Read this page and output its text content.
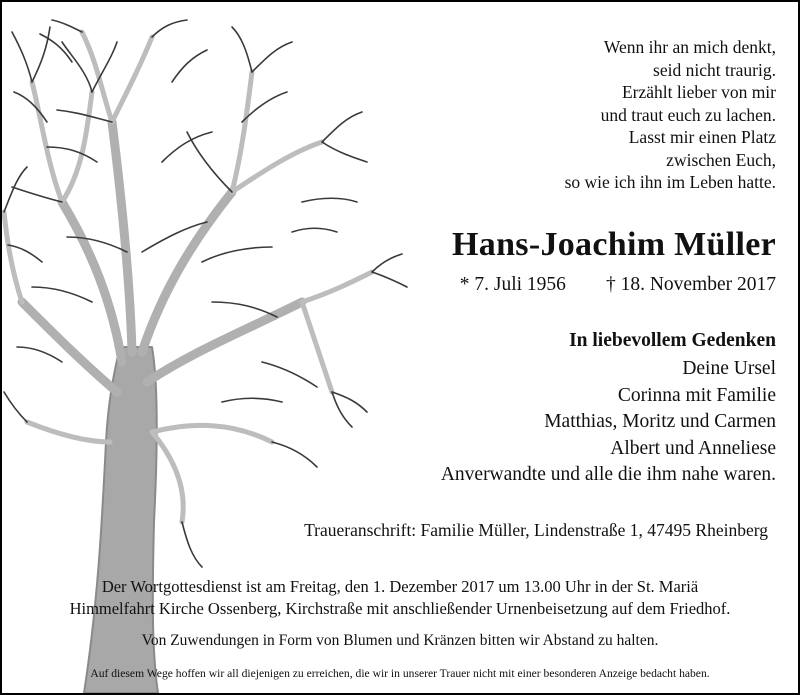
Wenn ihr an mich denkt,
seid nicht traurig.
Erzählt lieber von mir
und traut euch zu lachen.
Lasst mir einen Platz
zwischen Euch,
so wie ich ihn im Leben hatte.
Hans-Joachim Müller
* 7. Juli 1956 † 18. November 2017
In liebevollem Gedenken
Deine Ursel
Corinna mit Familie
Matthias, Moritz und Carmen
Albert und Anneliese
Anverwandte und alle die ihm nahe waren.
Traueranschrift: Familie Müller, Lindenstraße 1, 47495 Rheinberg
Der Wortgottesdienst ist am Freitag, den 1. Dezember 2017 um 13.00 Uhr in der St. Mariä
Himmelfahrt Kirche Ossenberg, Kirchstraße mit anschließender Urnenbeisetzung auf dem Friedhof.
Von Zuwendungen in Form von Blumen und Kränzen bitten wir Abstand zu halten.
Auf diesem Wege hoffen wir all diejenigen zu erreichen, die wir in unserer Trauer nicht mit einer besonderen Anzeige bedacht haben.
